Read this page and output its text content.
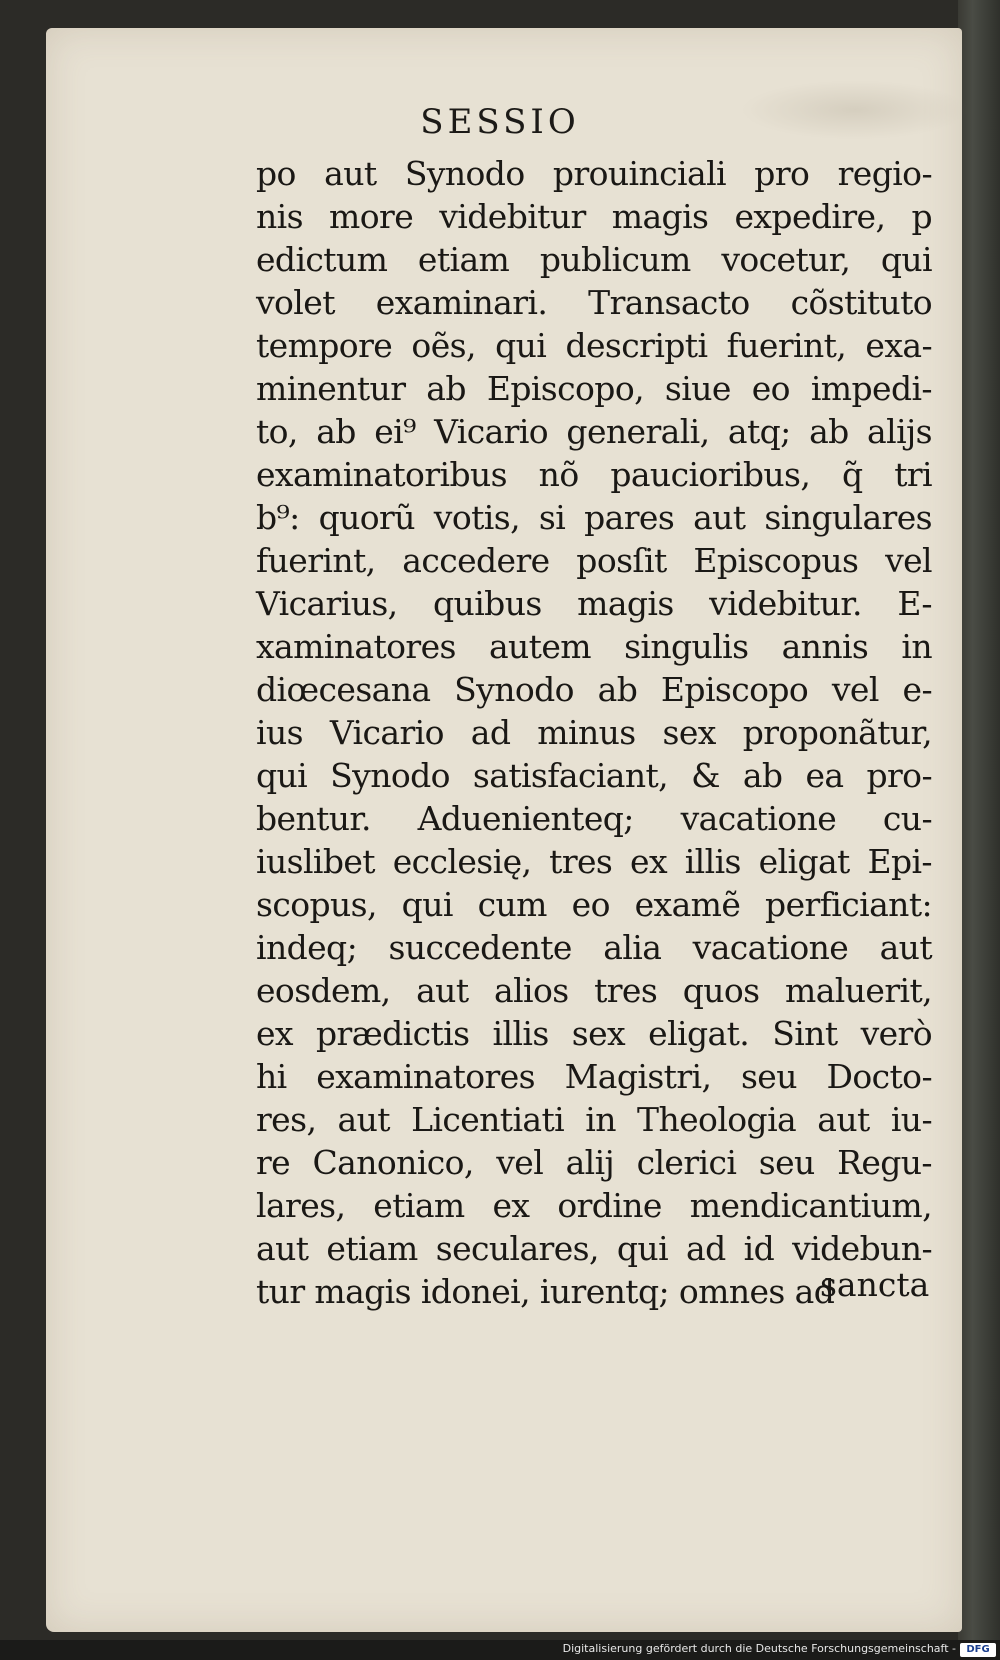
SESSIO
po aut Synodo prouinciali pro regio-
nis more videbitur magis expedire, p
edictum etiam publicum vocetur, qui
volet examinari. Transacto cõstituto
tempore oẽs, qui descripti fuerint, exa-
minentur ab Episcopo, siue eo impedi-
to, ab ei⁹ Vicario generali, atq; ab alijs
examinatoribus nõ paucioribus, q̃ tri
b⁹: quorũ votis, si pares aut singulares
fuerint, accedere posſit Episcopus vel
Vicarius, quibus magis videbitur. E-
xaminatores autem singulis annis in
diœcesana Synodo ab Episcopo vel e-
ius Vicario ad minus sex proponãtur,
qui Synodo satisfaciant, & ab ea pro-
bentur. Aduenienteq; vacatione cu-
iuslibet ecclesię, tres ex illis eligat Epi-
scopus, qui cum eo examẽ perficiant:
indeq; succedente alia vacatione aut
eosdem, aut alios tres quos maluerit,
ex prædictis illis sex eligat. Sint verò
hi examinatores Magistri, seu Docto-
res, aut Licentiati in Theologia aut iu-
re Canonico, vel alij clerici seu Regu-
lares, etiam ex ordine mendicantium,
aut etiam seculares, qui ad id videbun-
tur magis idonei, iurentq; omnes ad
sancta
Digitalisierung gefördert durch die Deutsche Forschungsgemeinschaft -	DFG
